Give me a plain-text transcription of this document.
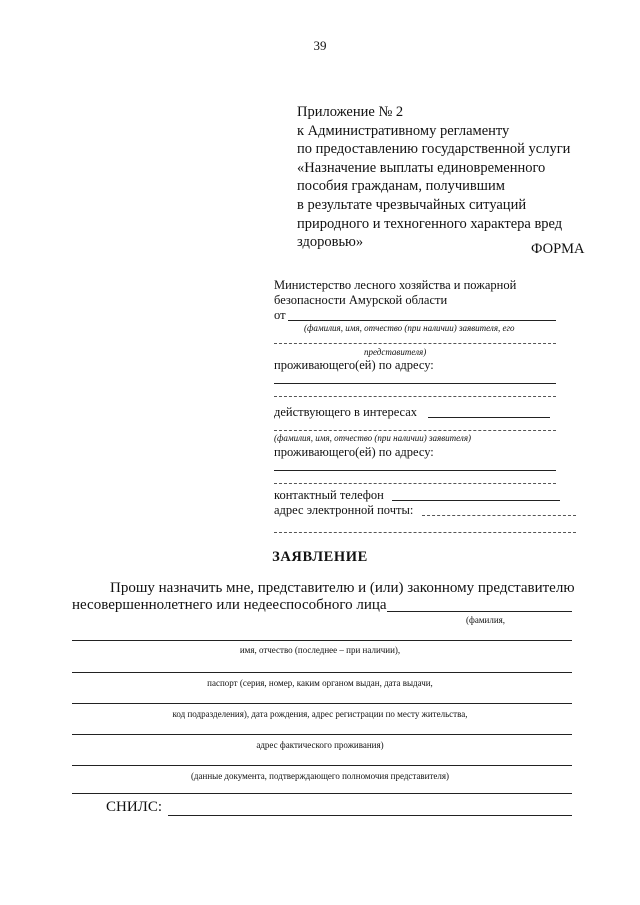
39
Приложение № 2
к Административному регламенту
по предоставлению государственной услуги
«Назначение выплаты единовременного
пособия гражданам, получившим
в результате чрезвычайных ситуаций
природного и техногенного характера вред
здоровью»	ФОРМА
Министерство лесного хозяйства и пожарной
безопасности Амурской области
от
(фамилия, имя, отчество (при наличии) заявителя, его
представителя)
проживающего(ей) по адресу:
действующего в интересах
(фамилия, имя, отчество (при наличии) заявителя)
проживающего(ей) по адресу:
контактный телефон
адрес электронной почты:
ЗАЯВЛЕНИЕ
Прошу назначить мне, представителю и (или) законному представителю
несовершеннолетнего или недееспособного лица
(фамилия,
имя, отчество (последнее – при наличии),
паспорт (серия, номер, каким органом выдан, дата выдачи,
код подразделения), дата рождения, адрес регистрации по месту жительства,
адрес фактического проживания)
(данные документа, подтверждающего полномочия представителя)
СНИЛС:
